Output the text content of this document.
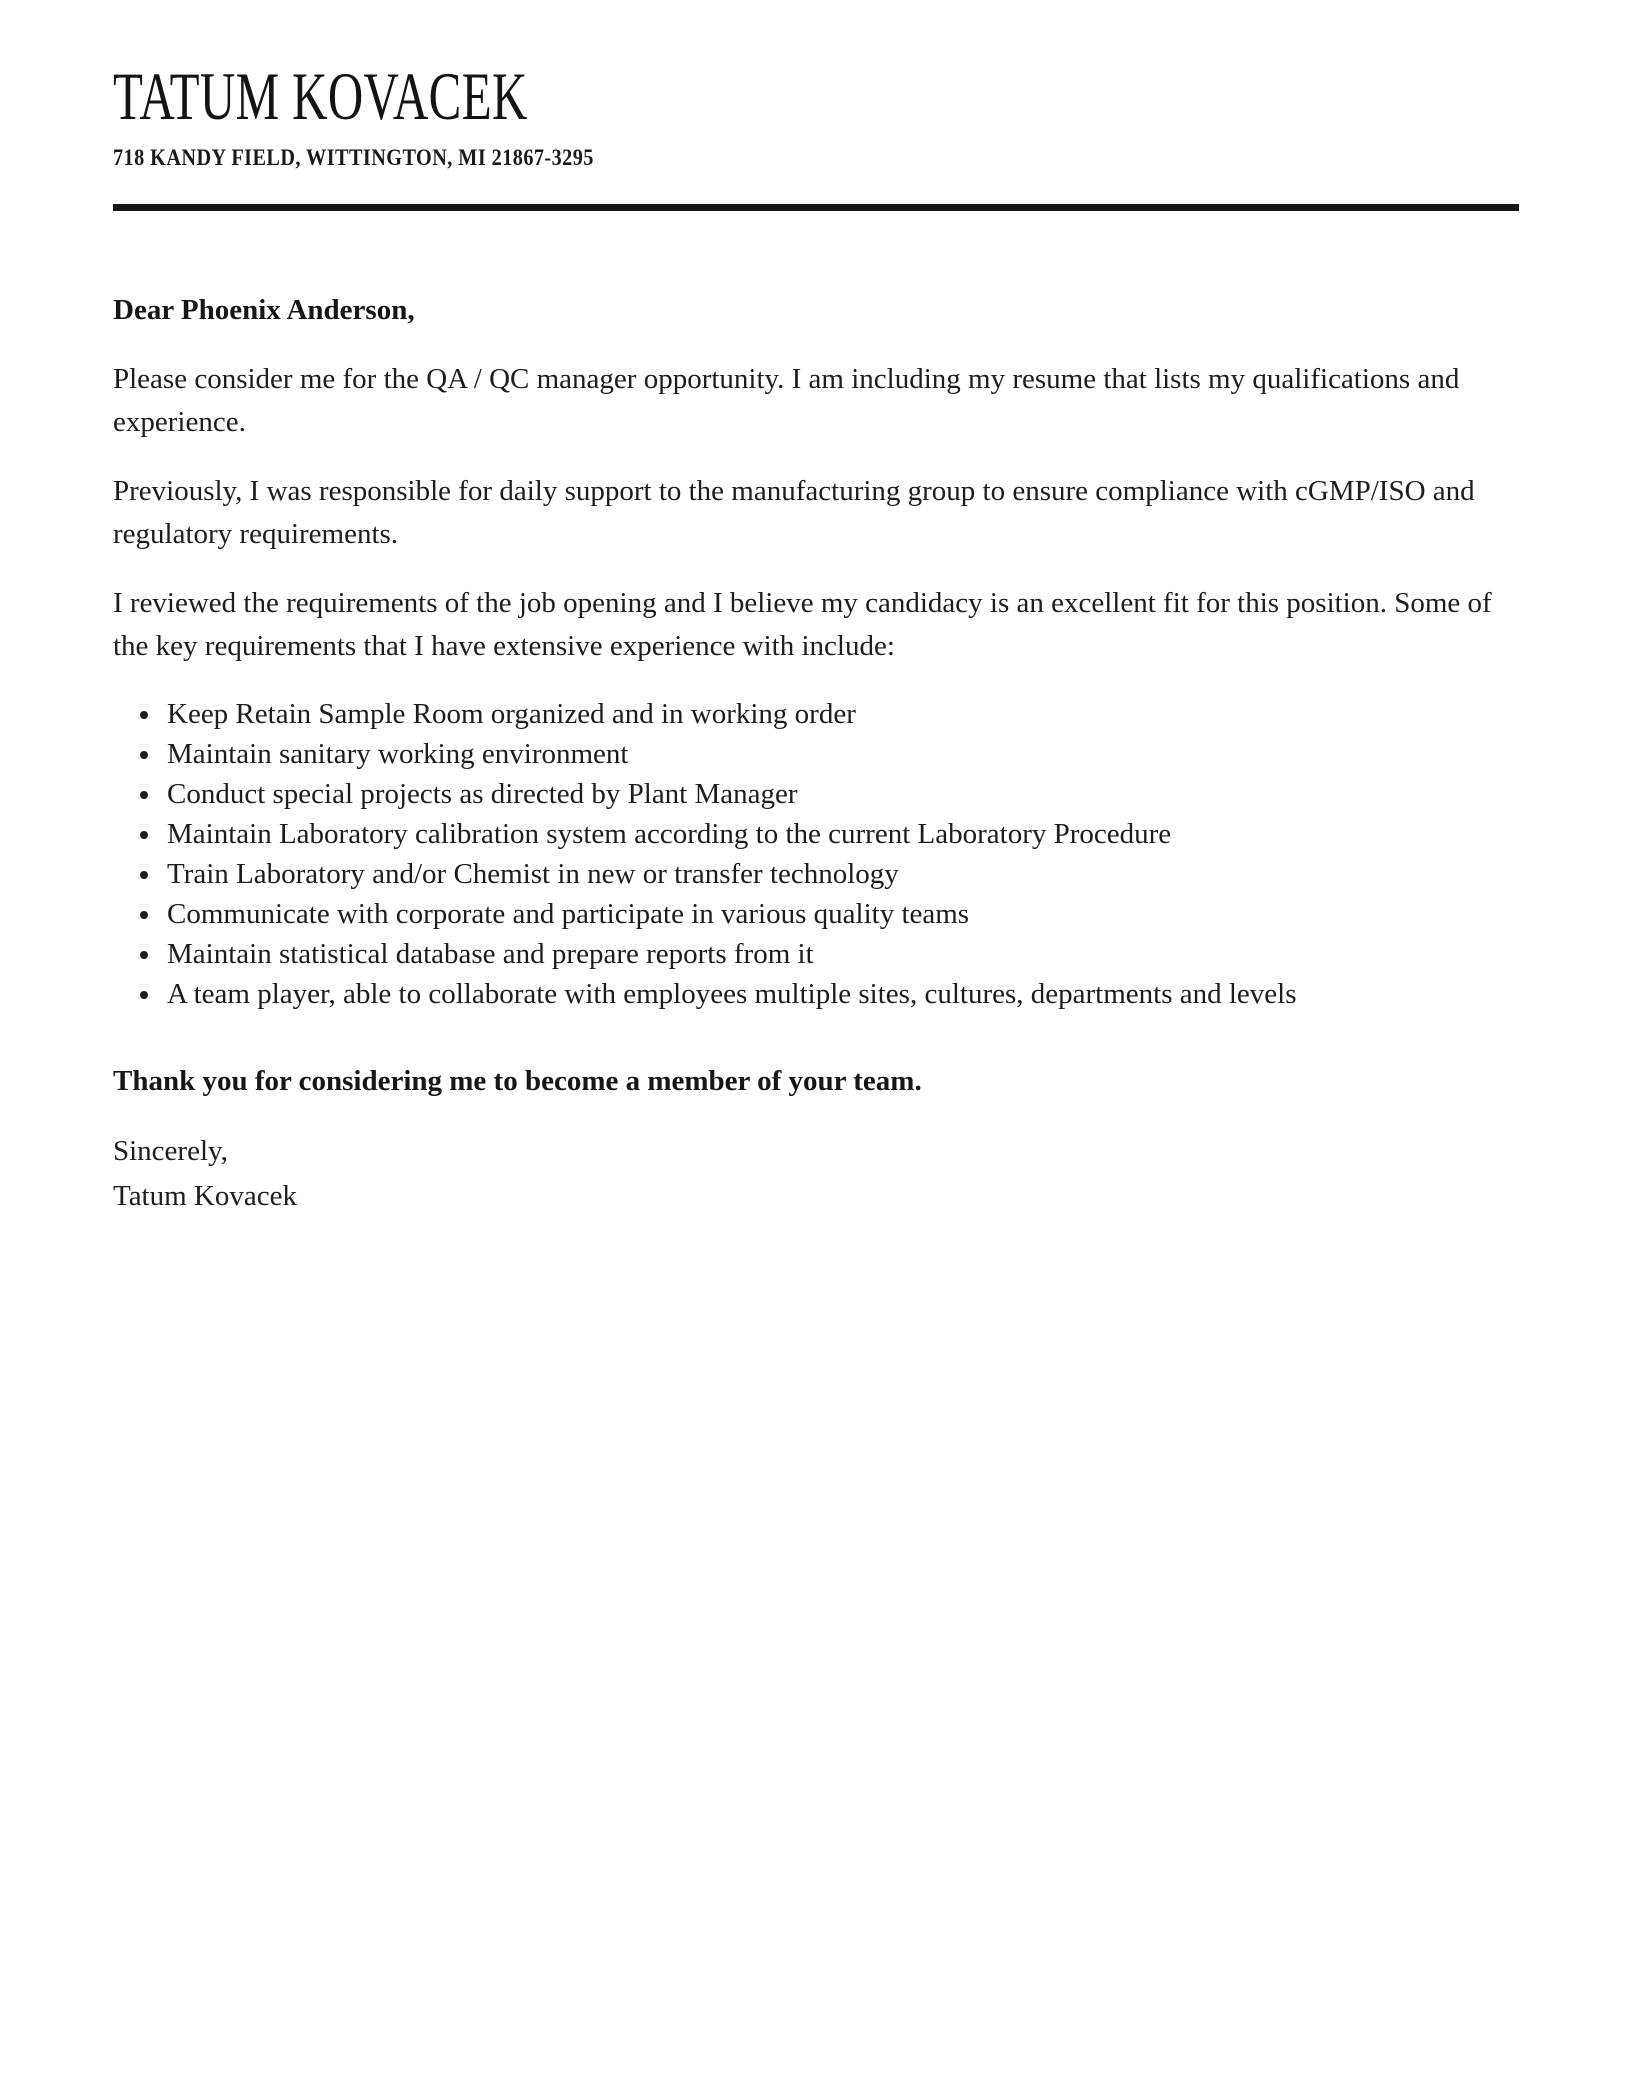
TATUM KOVACEK
718 KANDY FIELD, WITTINGTON, MI 21867-3295

Dear Phoenix Anderson,

Please consider me for the QA / QC manager opportunity. I am including my resume that lists my qualifications and experience.

Previously, I was responsible for daily support to the manufacturing group to ensure compliance with cGMP/ISO and regulatory requirements.

I reviewed the requirements of the job opening and I believe my candidacy is an excellent fit for this position. Some of the key requirements that I have extensive experience with include:

• Keep Retain Sample Room organized and in working order
• Maintain sanitary working environment
• Conduct special projects as directed by Plant Manager
• Maintain Laboratory calibration system according to the current Laboratory Procedure
• Train Laboratory and/or Chemist in new or transfer technology
• Communicate with corporate and participate in various quality teams
• Maintain statistical database and prepare reports from it
• A team player, able to collaborate with employees multiple sites, cultures, departments and levels

Thank you for considering me to become a member of your team.

Sincerely,
Tatum Kovacek
